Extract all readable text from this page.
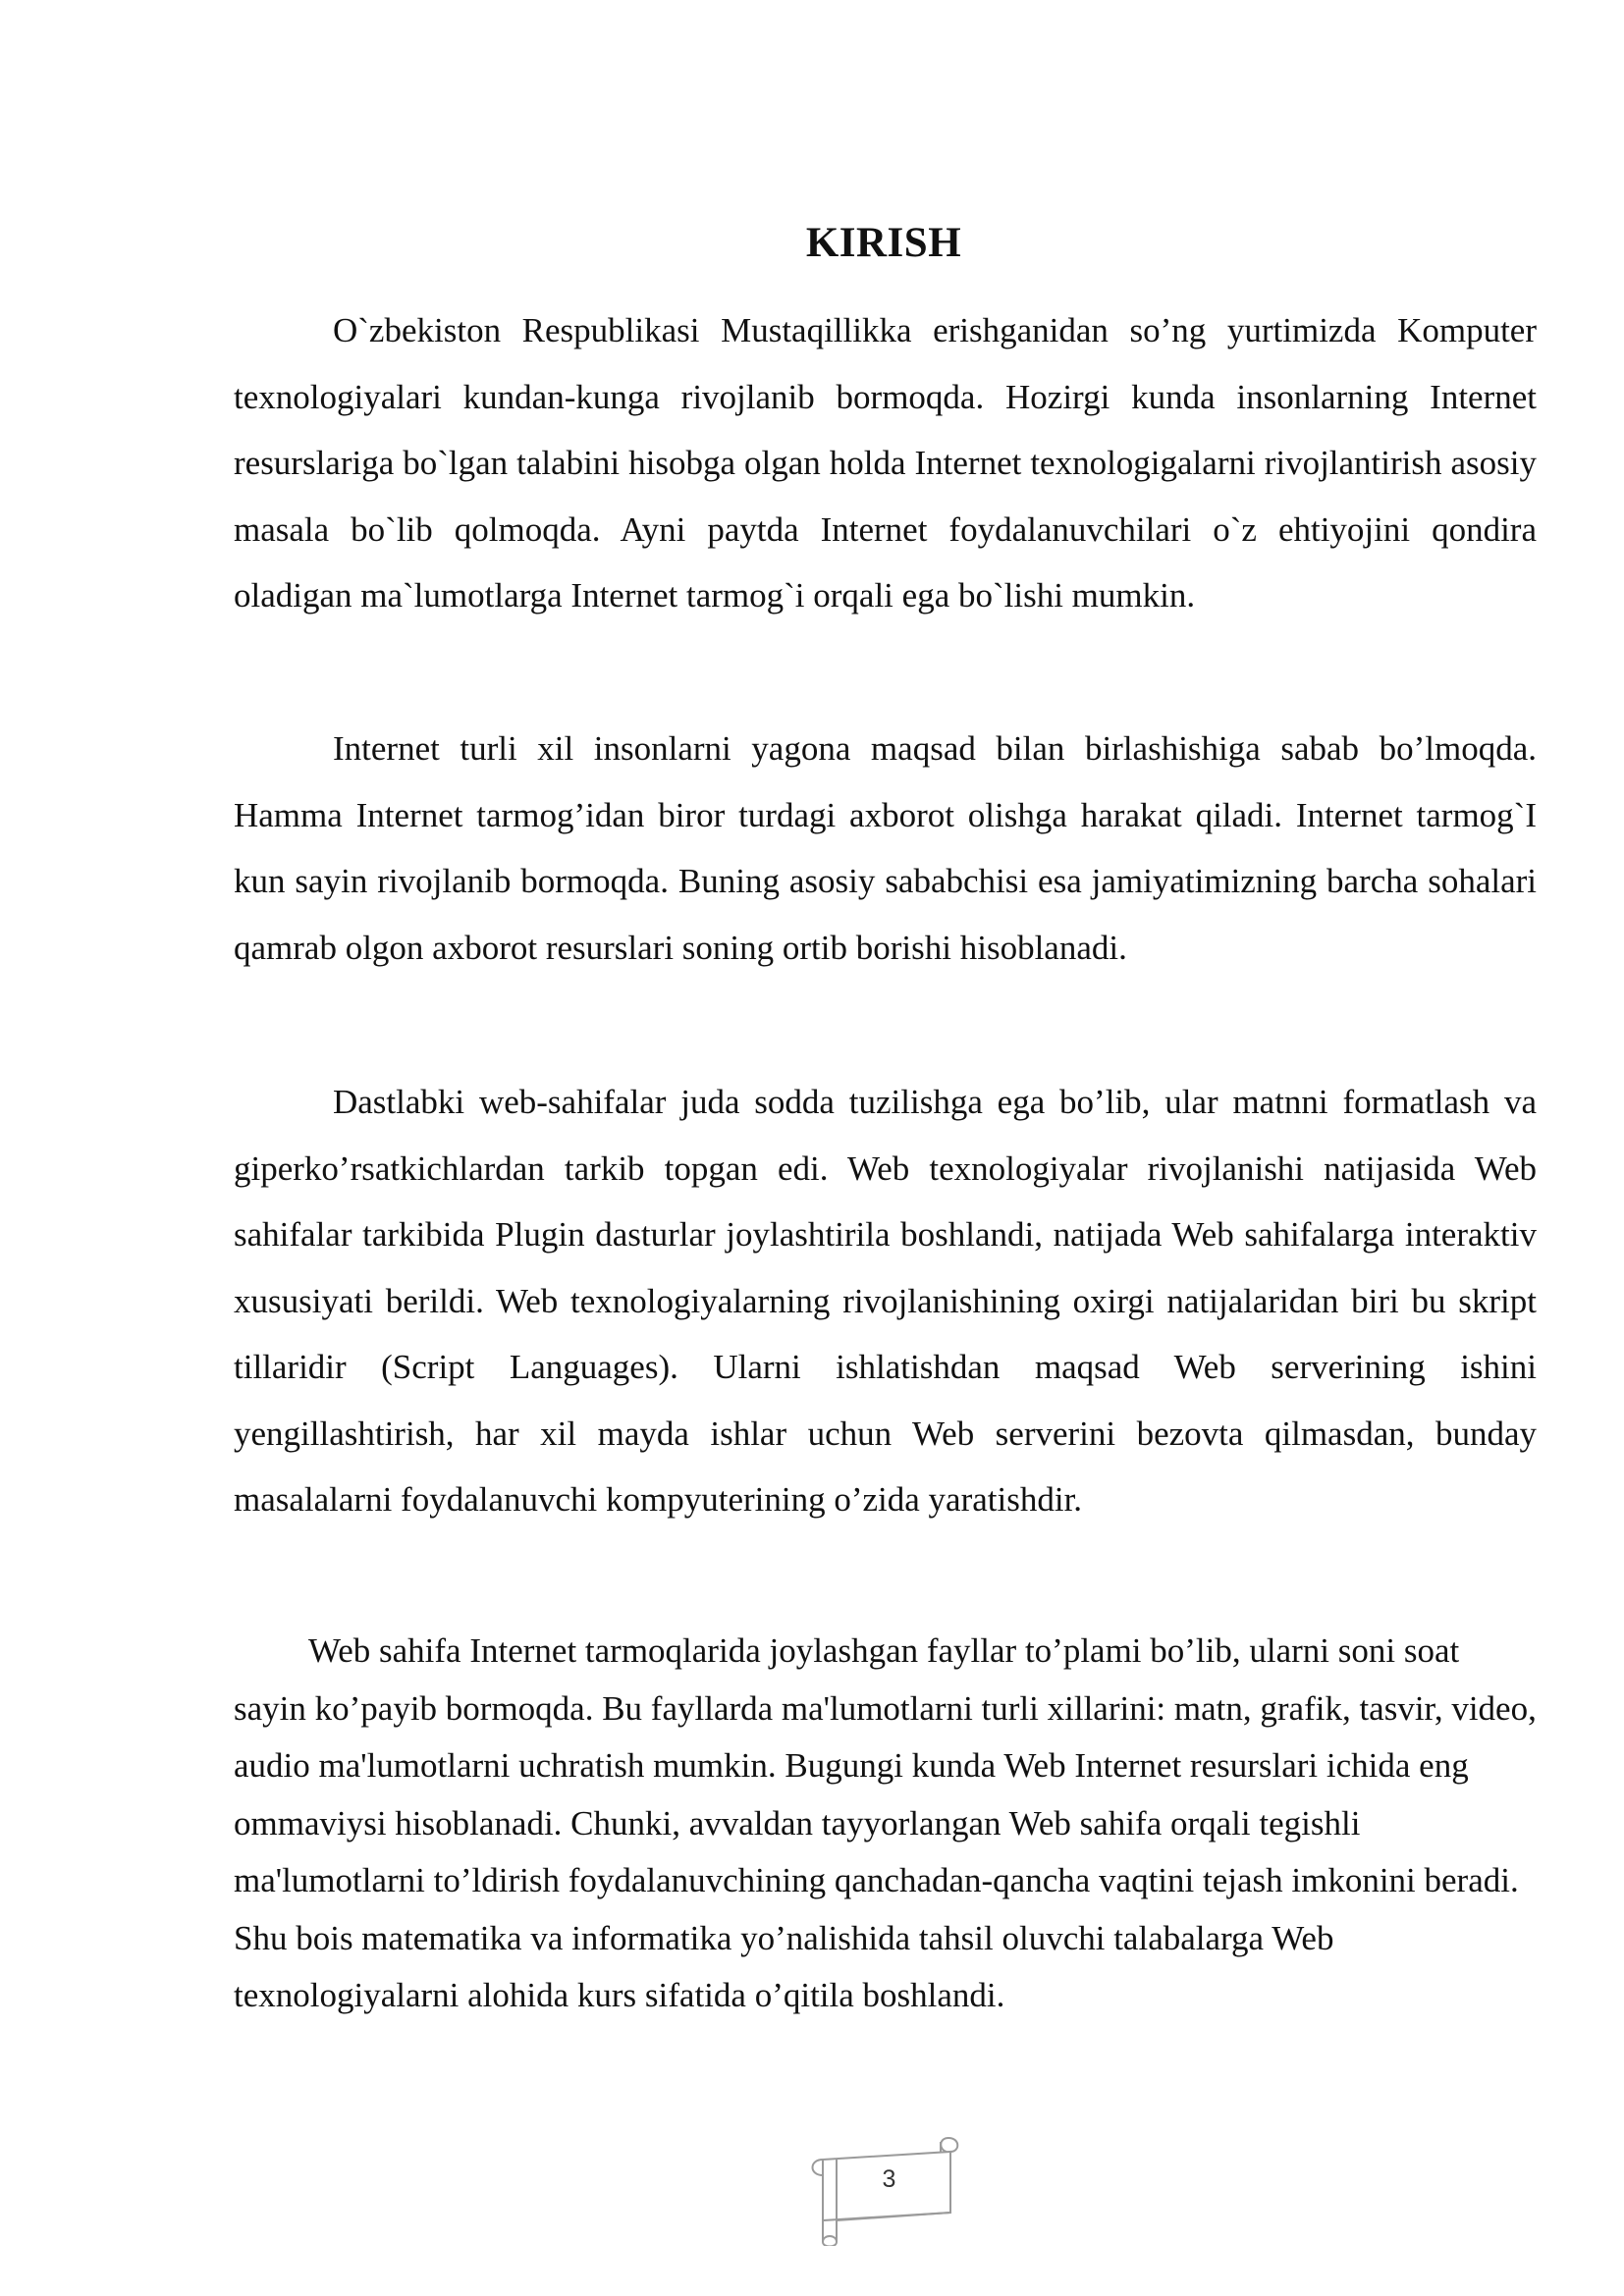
KIRISH

O`zbekiston Respublikasi Mustaqillikka erishganidan so’ng yurtimizda Komputer texnologiyalari kundan-kunga rivojlanib bormoqda. Hozirgi kunda insonlarning Internet resurslariga bo`lgan talabini hisobga olgan holda Internet texnologigalarni rivojlantirish asosiy masala bo`lib qolmoqda. Ayni paytda Internet foydalanuvchilari o`z ehtiyojini qondira oladigan ma`lumotlarga Internet tarmog`i orqali ega bo`lishi mumkin.

Internet turli xil insonlarni yagona maqsad bilan birlashishiga sabab bo’lmoqda. Hamma Internet tarmog’idan biror turdagi axborot olishga harakat qiladi. Internet tarmog`I kun sayin rivojlanib bormoqda. Buning asosiy sababchisi esa jamiyatimizning barcha sohalari qamrab olgon axborot resurslari soning ortib borishi hisoblanadi.

Dastlabki web-sahifalar juda sodda tuzilishga ega bo’lib, ular matnni formatlash va giperko’rsatkichlardan tarkib topgan edi. Web texnologiyalar rivojlanishi natijasida Web sahifalar tarkibida Plugin dasturlar joylashtirila boshlandi, natijada Web sahifalarga interaktiv xususiyati berildi. Web texnologiyalarning rivojlanishining oxirgi natijalaridan biri bu skript tillaridir (Script Languages). Ularni ishlatishdan maqsad Web serverining ishini yengillashtirish, har xil mayda ishlar uchun Web serverini bezovta qilmasdan, bunday masalalarni foydalanuvchi kompyuterining o’zida yaratishdir.

Web sahifa Internet tarmoqlarida joylashgan fayllar to’plami bo’lib, ularni soni soat sayin ko’payib bormoqda. Bu fayllarda ma'lumotlarni turli xillarini: matn, grafik, tasvir, video, audio ma'lumotlarni uchratish mumkin. Bugungi kunda Web Internet resurslari ichida eng ommaviysi hisoblanadi. Chunki, avvaldan tayyorlangan Web sahifa orqali tegishli ma'lumotlarni to’ldirish foydalanuvchining qanchadan-qancha vaqtini tejash imkonini beradi. Shu bois matematika va informatika yo’nalishida tahsil oluvchi talabalarga Web texnologiyalarni alohida kurs sifatida o’qitila boshlandi.

3
